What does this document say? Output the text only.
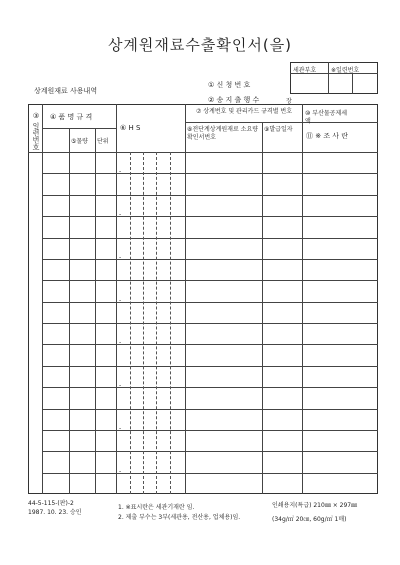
상계원재료수출확인서(을)
세관부호 ※일련번호
① 신 청 번 호
상계원재료 사용내역
② 송 지 출 행 수	장
③ 일련번호 ④ 품 명 규 격
⑤물량 단위
⑥ H S
⑦ 상계번호 및 관리카드 규격별 번호
⑧전단계상계원재료 소요량확인서번호
⑨발급일자
⑩ 부산물공제세
액
⑪ ※ 조 사 란
-
-
-
-
-
-
-
-
44-5-115-(판)-2
1987. 10. 23. 승인
1. ※표시란은 세관기재란 임.
2. 제출 부수는 3부(세관용, 전산용, 업체용)임.
인쇄용지(특급) 210㎜ × 297㎜
(34g/㎡ 20㎝, 60g/㎡ 1매)
